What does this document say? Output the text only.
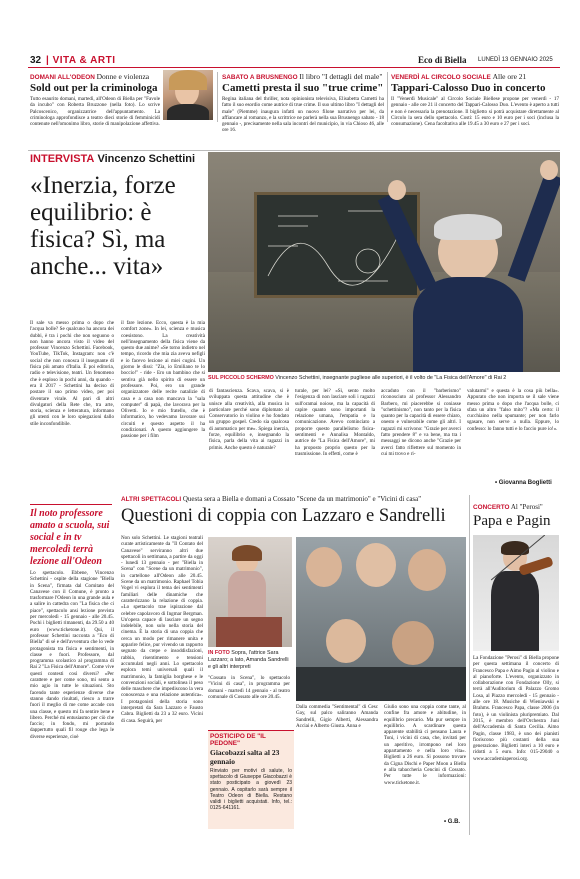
32 | VITA & ARTI	Eco di Biella LUNEDÌ 13 GENNAIO 2025
DOMANI ALL'ODEON Donne e violenza
Sold out per la criminologa

Tutto esaurito domani, martedì, all'Odeon di Biella per "Favole da incubo" con Roberta Bruzzone (nella foto). Lo scrive Palcoscenico, organizzatrice dell'appuntamento. La criminologa approfondisce a teatro dieci storie di femminicidi contenute nell'omonimo libro, storie di manipolazione affettiva.

SABATO A BRUSNENGO Il libro "I dettagli del male"
Cametti presta il suo "true crime"

Regina italiana del thriller, nota opinionista televisiva, Elisabetta Cametti ha fatto il suo esordio come autrice di true crime. Il suo ultimo libro "I dettagli del male" (Piemme) inaugura infatti un nuovo filone narrativo per lei, da affiancare al romanzo, e la scrittrice ne parlerà nella sua Brusnengo sabato - 18 gennaio -, precisamente nella sala incontri del municipio, in via Chioso 46, alle ore 16.

VENERDÌ AL CIRCOLO SOCIALE Alle ore 21
Tappari-Calosso Duo in concerto

Il "Venerdì Musicale" al Circolo Sociale Biellese propone per venerdì - 17 gennaio - alle ore 21 il concerto del Tappari-Calosso Duo. L'evento è aperto a tutti e non è necessaria la prenotazione. Il biglietto si potrà acquistare direttamente al Circolo la sera dello spettacolo. Costi: 15 euro e 10 euro per i soci (inclusa la consumazione). Cena facoltativa alle 19.45 a 30 euro e 27 per i soci.

INTERVISTA Vincenzo Schettini
«Inerzia, forze equilibrio: è fisica? Sì, ma anche... vita»
SUL PICCOLO SCHERMO Vincenzo Schettini, insegnante pugliese alle superiori, è il volto de "La Fisica dell'Amore" di Rai 2

Il sale va messo prima o dopo che l'acqua bolle? Se qualcuno ha ancora dei dubbi, è tra i pochi che non seguono o non hanno ancora visto il video del professor Vincenzo Schettini. Facebook, YouTube, TikTok, Instagram: non c'è social che non conosca il insegnante di fisica più amato d'Italia. È poi editoria, radio e televisione, teatri. Un fenomeno che è esploso in pochi anni, da quando - era il 2017 - Schettini ha deciso di postare il suo primo video, per poi diventare virale. Al pari di altri divulgatori della Rete che, tra arte, storia, scienza e letteratura, informano gli utenti con le loro spiegazioni dallo stile inconfondibile.

il fare lezione. Ecco, questa è la mia comfort zone». In lei, scienza e musica coesistono. La creatività nell'insegnamento della fisica viene da questo due anime? «Se torno indietro nel tempo, ricordo che mia zia aveva nefigli e io facevo lezione ai miei cugini. Un giorno le dissi: "Zia, io Emiliano te lo boccio!" - ride - Ero un bambino che si sentiva già nello spirito di essere un professore. Poi, ero un grande organizzatore delle recite natalizie di casa e a casa non mancava la "sala computer" di papà, che lavorava per la Olivetti. Io e mio fratello, che è informatico, ho vedevamo lavorare sui circuiti e questo aspetto il ha condizionati. A questo aggiungere la passione per i film

di fantascienza. Scava, scava, si è sviluppata questa attitudine che è unisce alla creatività, alla musica in particolare perché sono diplomato al Conservatorio in violino e ho fondato un gruppo gospel. Credo sia qualcosa di automatico per me». Spiega inerzia, forze, equilibrio e, insegnando la fisica, parla della vita ai ragazzi in primis. Anche questo è naturale?

turale, per lei? «Sì, sento molto l'esigenza di non lasciare soli i ragazzi sull'oramai noiose, ma la capacità di capire quanto sono importanti la relazione umana, l'empatia e la comunicazione. Avevo cominciato a proporre questo parallelismo fisica-sentimenti e Annalisa Montaldo, autrice de "La Fisica dell'Amore", mi ha proposto proprio questo per la trasmissione. In effetti, come è

accaduto con il "barberismo" riconosciuto al professor Alessandro Barbero, mi piacerebbe si coniasse "schettinismo", non tanto per la fisica quanto per la capacità di essere chiaro, onesto e vulnerabile come gli altri. I ragazzi mi scrivono: "Grazie per averci fatto prendere 8" e va bene, ma tra i messaggi ne dicono anche "Grazie per averci fatto riflettere sul momento in cui mi trovo e ri-

valutarmi" e questa è la cosa più bella». Appurato che non importa se il sale viene messo prima o dopo che l'acqua bolle, ci sfata un altro "falso mito"? «Ma certo: il cucchiaino nella spumante; per non farlo sgasare, non serve a nulla. Eppure, lo confesso: lo fanno tutti e lo faccio pure io!».

• Giovanna Boglietti
Il noto professore amato a scuola, sui social e in tv mercoledì terrà lezione all'Odeon

Lo spettacolo. Ebbene, Vincenzo Schettini - ospite della stagione "Biella in Scena", firmata dal Comitato del Canavese con il Comune, è pronto a trasformare l'Odeon in una grande aula e a salire in cattedra con "La fisica che ci piace", spettacolo ansi lezione prevista per mercoledì - 15 gennaio - alle 20.45. Pochi i biglietti rimanenti, da 29.50 a 40 euro (www.ticketone.it). Qui, il professor Schettini racconta a "Eco di Biella" di sé e dell'avventura che lo vede protagonista tra fisica e sentimenti, in classe e fuori. Professore, dal programma scolastico al programma di Rai 2 "La Fisica dell'Amore". Come vive questi contesti così diversi? «Per carattere e per come sono, mi sento a mio agio in tutte le situazioni. Sto facendo tante esperienze diverse che stanno dando risultati, riesco a trarre fuori il meglio di me come accade con una classe, e questo mi fa sentire bene e libero. Perché mi entusiasmo per ciò che faccio; in fondo, mi porrando dappertutto quali fil rouge che lega le diverse esperienze, cioè

ALTRI SPETTACOLI Questa sera a Biella e domani a Cossato "Scene da un matrimonio" e "Vicini di casa"
Questioni di coppia con Lazzaro e Sandrelli

Non solo Schettini. Le stagioni teatrali curate artisticamente da "Il Contato del Canavese" serviranno altri due spettacoli in settimana, a partire da oggi - lunedì 13 gennaio - per "Biella in Scena" con "Scene da un matrimonio", in cartellone all'Odeon alle 20.45. Scene da un matrimonio. Raphael Tobia Vogel vi esplora il tema dei sentimenti familiari delle dinamiche che caratterizzano la relazione di coppia. «Lo spettacolo trae ispirazione dal celebre capolavoro di Ingmar Bergman. Un'opera capace di lasciare un segno indelebile, non solo nella storia del cinema. È la storia di una coppia che cerca un modo per rimanere unita e apparire felice, pur vivendo un rapporto segnato da crepe e insoddisfazioni, rabbia, risentimento e tensioni accumulati negli anni. Lo spettacolo esplora temi universali quali il matrimonio, la famiglia borghese e le convenzioni sociali, e sottolinea il peso delle maschere che impediscono la vera conoscenza e una relazione autentica». I protagonisti della storia sono interpretati da Sara Lazzaro e Fausto Cabra. Biglietti da 23 a 32 euro. Vicini di casa. Seguirà, per

IN FOTO Sopra, l'attrice Sara Lazzaro; a lato, Amanda Sandrelli e gli altri interpreti

"Cossato in Scena", lo spettacolo "Vicini di casa", in programma per domani - martedì 14 gennaio - al teatro comunale di Cossato alle ore 20.45.

Dalla commedia "Sentimental" di Cesc Gay, sul palco saliranno Amanda Sandrelli, Gigio Alberti, Alessandra Acciai e Alberto Giusta. Anna e

Giulio sono una coppia come tante, al confine fra amore e abitudine, in equilibrio precario. Ma pur sempre in equilibrio. A scardinare questa apparente stabilità ci pensano Laura e Toni, i vicini di casa, che, invitati per un aperitivo, irrompono nel loro appartamento e nella loro vita». Biglietti a 26 euro. Si possono trovare da Cigna Dischi e Paper Moon a Biella e alla tabaccheria Cencini di Cossato. Per tutte le informazioni: www.ticketone.it.

• G.B.
POSTICIPO DE "IL PEDONE"
Giacobazzi salta al 23 gennaio

Rinviato per motivi di salute, lo spettacolo di Giuseppe Giacobazzi è stato posticipato a giovedì 23 gennaio. A ospitarlo sarà sempre il Teatro Odeon di Biella. Restano validi i biglietti acquistati. Info, tel.: 0125-641161.

CONCERTO Al "Perosi"
Papa e Pagin

La Fondazione "Perosi" di Biella propone per questa settimana il concerto di Francesco Papa e Aimo Pagin al violino e al pianoforte. L'evento, organizzato in collaborazione con Fondazione Olly, si terrà all'Auditorium di Palazzo Gromo Losa, al Piazzo mercoledì - 15 gennaio - alle ore 18. Musiche di Wieniawski e Brahms. Francesco Papa, classe 2006 (in foto), è un violinista pluripremiato. Dal 2015, è membro dell'Orchestra Juni dell'Accademia di Santa Cecilia. Aimo Pagin, classe 1983, è uno dei pianisti fioriscono più costanti della sua generazione. Biglietti interi a 10 euro e ridotti a 5 euro. Info: 015-29040 o www.accademiaperosi.org.
